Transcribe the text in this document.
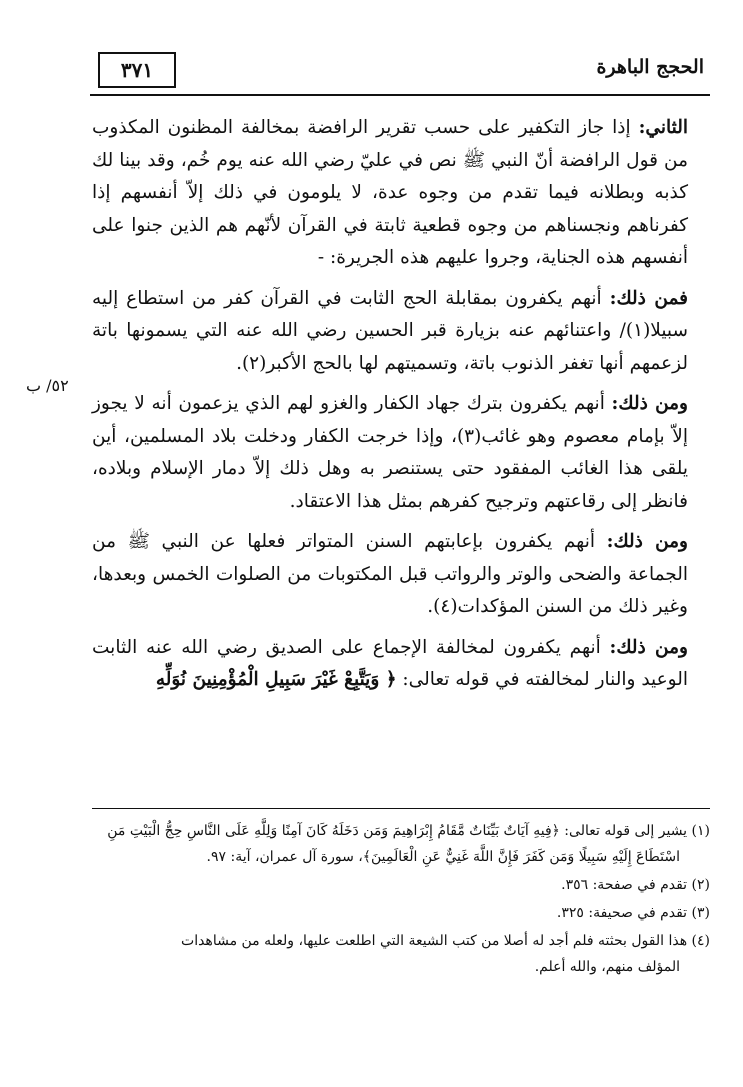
٣٧١	الحجج الباهرة
٥٢/ ب

الثاني: إذا جاز التكفير على حسب تقرير الرافضة بمخالفة المظنون المكذوب من قول الرافضة أنّ النبي ﷺ نص في عليّ رضي الله عنه يوم خُم، وقد بينا لك كذبه وبطلانه فيما تقدم من وجوه عدة، لا يلومون في ذلك إلاّ أنفسهم إذا كفرناهم ونجسناهم من وجوه قطعية ثابتة في القرآن لأنّهم هم الذين جنوا على أنفسهم هذه الجناية، وجروا عليهم هذه الجريرة: -

فمن ذلك: أنهم يكفرون بمقابلة الحج الثابت في القرآن كفر من استطاع إليه سبيلا(١)/ واعتنائهم عنه بزيارة قبر الحسين رضي الله عنه التي يسمونها باتة لزعمهم أنها تغفر الذنوب باتة، وتسميتهم لها بالحج الأكبر(٢).

ومن ذلك: أنهم يكفرون بترك جهاد الكفار والغزو لهم الذي يزعمون أنه لا يجوز إلاّ بإمام معصوم وهو غائب(٣)، وإذا خرجت الكفار ودخلت بلاد المسلمين، أين يلقى هذا الغائب المفقود حتى يستنصر به وهل ذلك إلاّ دمار الإسلام وبلاده، فانظر إلى رقاعتهم وترجيح كفرهم بمثل هذا الاعتقاد.

ومن ذلك: أنهم يكفرون بإعابتهم السنن المتواتر فعلها عن النبي ﷺ من الجماعة والضحى والوتر والرواتب قبل المكتوبات من الصلوات الخمس وبعدها، وغير ذلك من السنن المؤكدات(٤).

ومن ذلك: أنهم يكفرون لمخالفة الإجماع على الصديق رضي الله عنه الثابت الوعيد والنار لمخالفته في قوله تعالى: ﴿ وَيَتَّبِعْ غَيْرَ سَبِيلِ الْمُؤْمِنِينَ نُوَلِّهِ

(١) يشير إلى قوله تعالى: ﴿فِيهِ آيَاتٌ بَيِّنَاتٌ مَّقَامُ إِبْرَاهِيمَ وَمَن دَخَلَهُ كَانَ آمِنًا وَلِلَّهِ عَلَى النَّاسِ حِجُّ الْبَيْتِ مَنِ
اسْتَطَاعَ إِلَيْهِ سَبِيلًا وَمَن كَفَرَ فَإِنَّ اللَّهَ غَنِيٌّ عَنِ الْعَالَمِينَ﴾، سورة آل عمران، آية: ٩٧.
(٢) تقدم في صفحة: ٣٥٦.
(٣) تقدم في صحيفة: ٣٢٥.
(٤) هذا القول بحثته فلم أجد له أصلا من كتب الشيعة التي اطلعت عليها، ولعله من مشاهدات
المؤلف منهم، والله أعلم.
